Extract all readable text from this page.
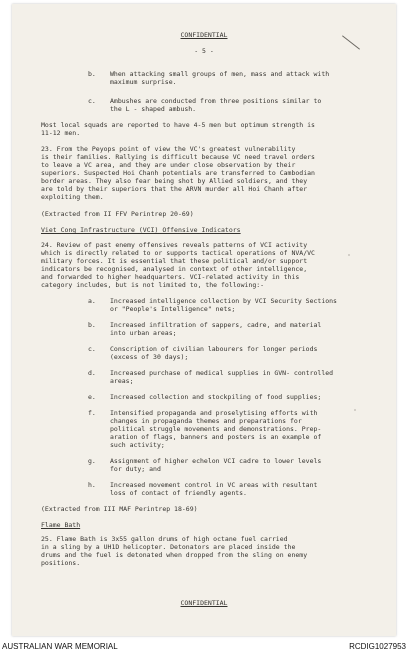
CONFIDENTIAL
- 5 -
b. When attacking small groups of men, mass and attack with
maximum surprise.
c. Ambushes are conducted from three positions similar to
the L - shaped ambush.
Most local squads are reported to have 4-5 men but optimum strength is
11-12 men.
23. From the Peyops point of view the VC's greatest vulnerability
is their families. Rallying is difficult because VC need travel orders
to leave a VC area, and they are under close observation by their
superiors. Suspected Hoi Chanh potentials are transferred to Cambodian
border areas. They also fear being shot by Allied soldiers, and they
are told by their superiors that the ARVN murder all Hoi Chanh after
exploiting them.
(Extracted from II FFV Perintrep 20-69)
Viet Cong Infrastructure (VCI) Offensive Indicators
24. Review of past enemy offensives reveals patterns of VCI activity
which is directly related to or supports tactical operations of NVA/VC
military forces. It is essential that these political and/or support
indicators be recognised, analysed in context of other intelligence,
and forwarded to higher headquarters. VCI-related activity in this
category includes, but is not limited to, the following:-
a. Increased intelligence collection by VCI Security Sections
or "People's Intelligence" nets;
b. Increased infiltration of sappers, cadre, and material
into urban areas;
c. Conscription of civilian labourers for longer periods
(excess of 30 days);
d. Increased purchase of medical supplies in GVN- controlled
areas;
e. Increased collection and stockpiling of food supplies;
f. Intensified propaganda and proselytising efforts with
changes in propaganda themes and preparations for
political struggle movements and demonstrations. Prep-
aration of flags, banners and posters is an example of
such activity;
g. Assignment of higher echelon VCI cadre to lower levels
for duty; and
h. Increased movement control in VC areas with resultant
loss of contact of friendly agents.
(Extracted from III MAF Perintrep 18-69)
Flame Bath
25. Flame Bath is 3x55 gallon drums of high octane fuel carried
in a sling by a UH1D helicopter. Detonators are placed inside the
drums and the fuel is detonated when dropped from the sling on enemy
positions.
CONFIDENTIAL
AUSTRALIAN WAR MEMORIAL	RCDIG1027953
